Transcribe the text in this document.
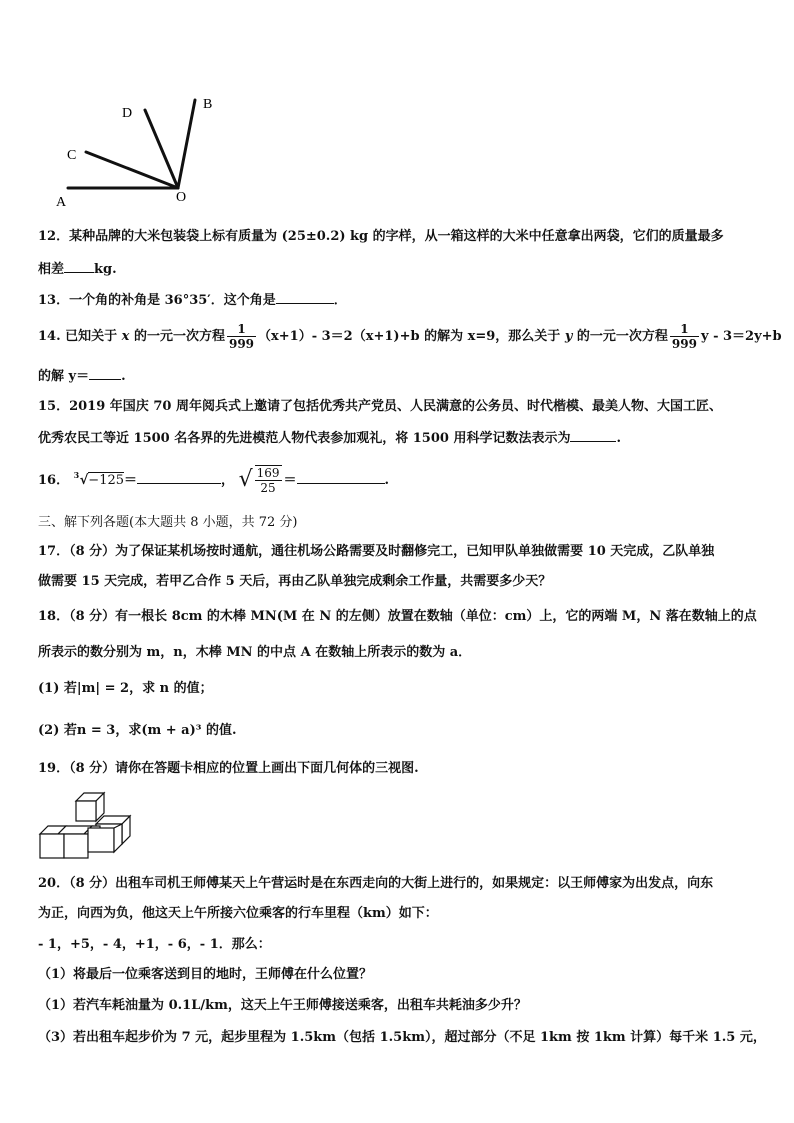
A
C
D
B
O
12．某种品牌的大米包装袋上标有质量为 (25±0.2) kg 的字样，从一箱这样的大米中任意拿出两袋，它们的质量最多
相差 kg.
13．一个角的补角是 36°35′．这个角是	．
14. 已知关于 x 的一元一次方程 $\frac{1}{999} (x+1)-$ 3＝2（x+1)+b 的解为 x=9，那么关于 y 的一元一次方程 $\frac{1}{999}$ y - 3＝2y+b
的解 y＝ .
15．2019 年国庆 70 周年阅兵式上邀请了包括优秀共产党员、人民满意的公务员、时代楷模、最美人物、大国工匠、
优秀农民工等近 1500 名各界的先进模范人物代表参加观礼，将 1500 用科学记数法表示为	.
16． 3 √−125＝	， √ $\frac{169}{25}$ ＝	.
三、解下列各题(本大题共 8 小题，共 72 分)
17．（8 分）为了保证某机场按时通航，通往机场公路需要及时翻修完工，已知甲队单独做需要 10 天完成，乙队单独
做需要 15 天完成，若甲乙合作 5 天后，再由乙队单独完成剩余工作量，共需要多少天？
18．（8 分）有一根长 8cm 的木棒 MN(M 在 N 的左侧）放置在数轴（单位：cm）上，它的两端 M，N 落在数轴上的点
所表示的数分别为 m，n，木棒 MN 的中点 A 在数轴上所表示的数为 a．
(1) 若|m| = 2，求 n 的值；
(2) 若n = 3，求(m + a)³ 的值.
19．（8 分）请你在答题卡相应的位置上画出下面几何体的三视图.
20．（8 分）出租车司机王师傅某天上午营运时是在东西走向的大街上进行的，如果规定：以王师傅家为出发点，向东
为正，向西为负，他这天上午所接六位乘客的行车里程（km）如下：
- 1，+5，- 4，+1，- 6，- 1．那么：
（1）将最后一位乘客送到目的地时，王师傅在什么位置？
（1）若汽车耗油量为 0.1L/km，这天上午王师傅接送乘客，出租车共耗油多少升？
（3）若出租车起步价为 7 元，起步里程为 1.5km（包括 1.5km），超过部分（不足 1km 按 1km 计算）每千米 1.5 元，
